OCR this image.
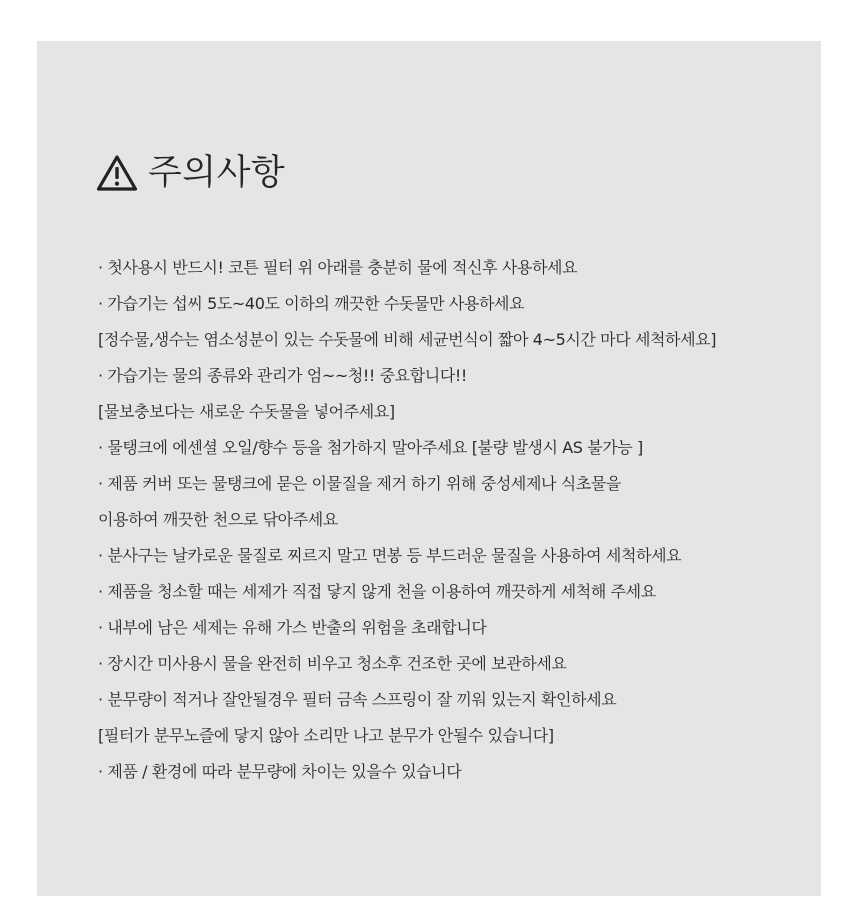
주의사항
· 첫사용시 반드시! 코튼 필터 위 아래를 충분히 물에 적신후 사용하세요
· 가습기는 섭씨 5도~40도 이하의 깨끗한 수돗물만 사용하세요
[정수물,생수는 염소성분이 있는 수돗물에 비해 세균번식이 짧아 4~5시간 마다 세척하세요]
· 가습기는 물의 종류와 관리가 엄~~청!! 중요합니다!!
[물보충보다는 새로운 수돗물을 넣어주세요]
· 물탱크에 에센셜 오일/향수 등을 첨가하지 말아주세요 [불량 발생시 AS 불가능 ]
· 제품 커버 또는 물탱크에 묻은 이물질을 제거 하기 위해 중성세제나 식초물을
이용하여 깨끗한 천으로 닦아주세요
· 분사구는 날카로운 물질로 찌르지 말고 면봉 등 부드러운 물질을 사용하여 세척하세요
· 제품을 청소할 때는 세제가 직접 닿지 않게 천을 이용하여 깨끗하게 세척해 주세요
· 내부에 남은 세제는 유해 가스 반출의 위험을 초래합니다
· 장시간 미사용시 물을 완전히 비우고 청소후 건조한 곳에 보관하세요
· 분무량이 적거나 잘안될경우 필터 금속 스프링이 잘 끼워 있는지 확인하세요
[필터가 분무노즐에 닿지 않아 소리만 나고 분무가 안될수 있습니다]
· 제품 / 환경에 따라 분무량에 차이는 있을수 있습니다
